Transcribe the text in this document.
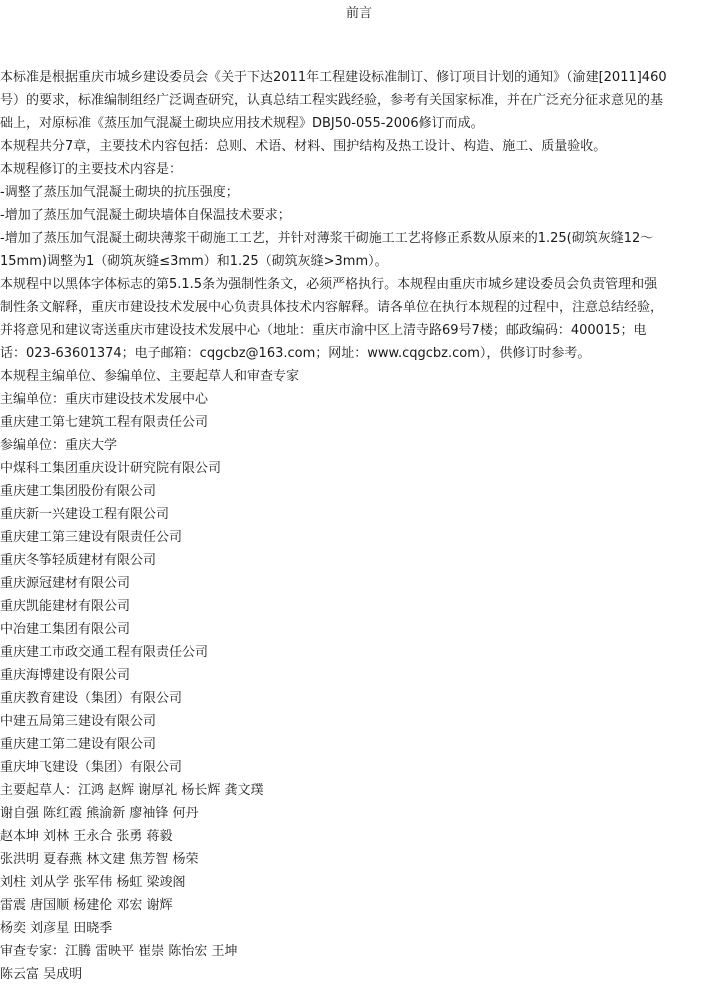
前言
本标准是根据重庆市城乡建设委员会《关于下达2011年工程建设标准制订、修订项目计划的通知》（渝建[2011]460
号）的要求，标准编制组经广泛调查研究，认真总结工程实践经验，参考有关国家标准，并在广泛充分征求意见的基
础上，对原标准《蒸压加气混凝土砌块应用技术规程》DBJ50-055-2006修订而成。
本规程共分7章，主要技术内容包括：总则、术语、材料、围护结构及热工设计、构造、施工、质量验收。
本规程修订的主要技术内容是：
-调整了蒸压加气混凝土砌块的抗压强度；
-增加了蒸压加气混凝土砌块墙体自保温技术要求；
-增加了蒸压加气混凝土砌块薄浆干砌施工工艺，并针对薄浆干砌施工工艺将修正系数从原来的1.25(砌筑灰缝12～
15mm)调整为1（砌筑灰缝≤3mm）和1.25（砌筑灰缝>3mm）。
本规程中以黑体字体标志的第5.1.5条为强制性条文，必须严格执行。本规程由重庆市城乡建设委员会负责管理和强
制性条文解释，重庆市建设技术发展中心负责具体技术内容解释。请各单位在执行本规程的过程中，注意总结经验，
并将意见和建议寄送重庆市建设技术发展中心（地址：重庆市渝中区上清寺路69号7楼；邮政编码：400015；电
话：023-63601374；电子邮箱：cqgcbz@163.com；网址：www.cqgcbz.com），供修订时参考。
本规程主编单位、参编单位、主要起草人和审查专家
主编单位：重庆市建设技术发展中心
重庆建工第七建筑工程有限责任公司
参编单位：重庆大学
中煤科工集团重庆设计研究院有限公司
重庆建工集团股份有限公司
重庆新一兴建设工程有限公司
重庆建工第三建设有限责任公司
重庆冬筝轻质建材有限公司
重庆源冠建材有限公司
重庆凯能建材有限公司
中冶建工集团有限公司
重庆建工市政交通工程有限责任公司
重庆海博建设有限公司
重庆教育建设（集团）有限公司
中建五局第三建设有限公司
重庆建工第二建设有限公司
重庆坤飞建设（集团）有限公司
主要起草人：江鸿 赵辉 谢厚礼 杨长辉 龚文璞
谢自强 陈红霞 熊渝新 廖袖锋 何丹
赵本坤 刘林 王永合 张勇 蒋毅
张洪明 夏春燕 林文建 焦芳智 杨荣
刘柱 刘从学 张军伟 杨虹 梁竣阁
雷震 唐国顺 杨建伦 邓宏 谢辉
杨奕 刘彦星 田晓季
审查专家：江腾 雷映平 崔崇 陈怡宏 王坤
陈云富 吴成明
